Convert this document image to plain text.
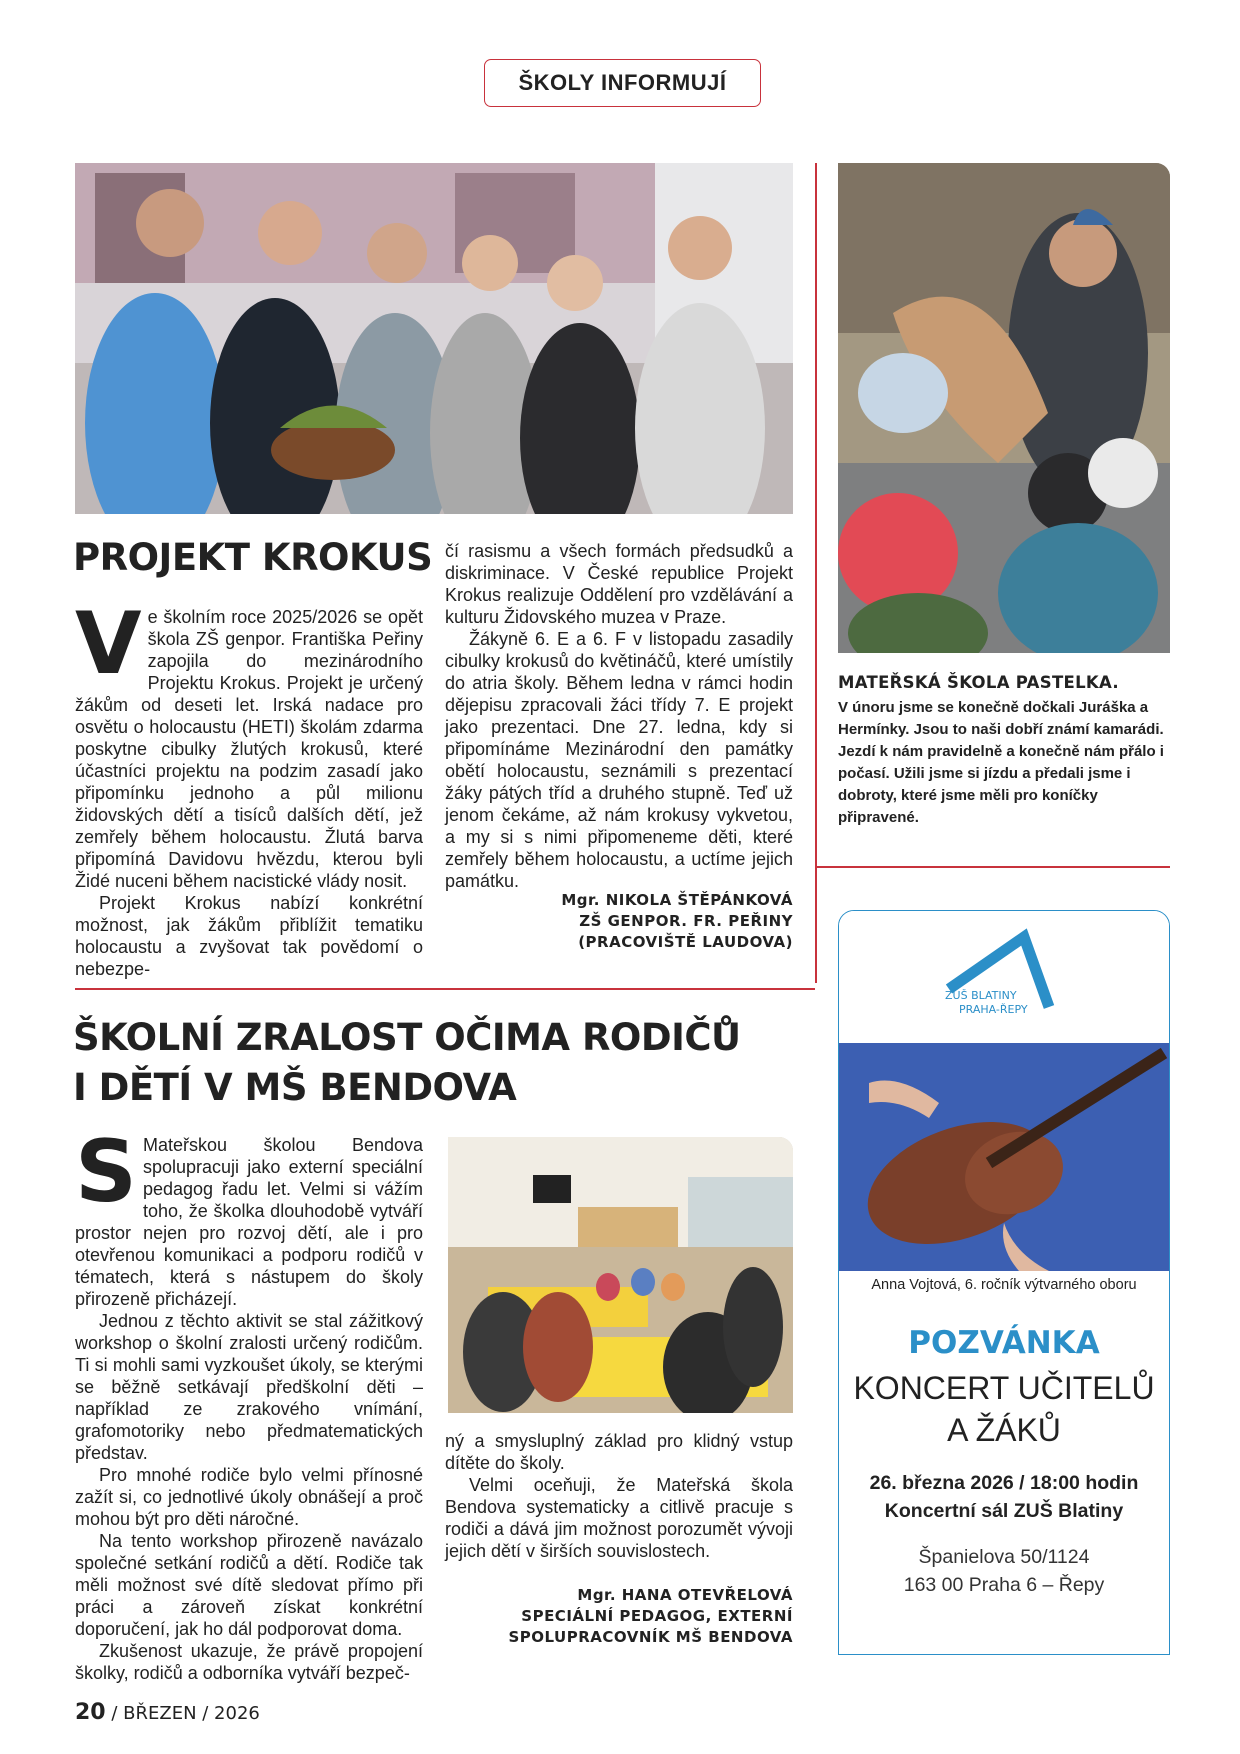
ŠKOLY INFORMUJÍ
PROJEKT KROKUS
V e školním roce 2025/2026 se opět škola ZŠ genpor. Františka Peřiny zapojila do mezinárodního Projektu Krokus. Projekt je určený žákům od deseti let. Irská nadace pro osvětu o holocaustu (HETI) školám zdarma poskytne cibulky žlutých krokusů, které účastníci projektu na podzim zasadí jako připomínku jednoho a půl milionu židovských dětí a tisíců dalších dětí, jež zemřely během holocaustu. Žlutá barva připomíná Davidovu hvězdu, kterou byli Židé nuceni během nacistické vlády nosit.

Projekt Krokus nabízí konkrétní možnost, jak žákům přiblížit tematiku holocaustu a zvyšovat tak povědomí o nebezpe-

čí rasismu a všech formách předsudků a diskriminace. V České republice Projekt Krokus realizuje Oddělení pro vzdělávání a kulturu Židovského muzea v Praze.

Žákyně 6. E a 6. F v listopadu zasadily cibulky krokusů do květináčů, které umístily do atria školy. Během ledna v rámci hodin dějepisu zpracovali žáci třídy 7. E projekt jako prezentaci. Dne 27. ledna, kdy si připomínáme Mezinárodní den památky obětí holocaustu, seznámili s prezentací žáky pátých tříd a druhého stupně. Teď už jenom čekáme, až nám krokusy vykvetou, a my si s nimi připomeneme děti, které zemřely během holocaustu, a uctíme jejich památku.

Mgr. NIKOLA ŠTĚPÁNKOVÁ
ZŠ GENPOR. FR. PEŘINY
(PRACOVIŠTĚ LAUDOVA)
MATEŘSKÁ ŠKOLA PASTELKA.
V únoru jsme se konečně dočkali Juráška a Hermínky. Jsou to naši dobří známí kamarádi. Jezdí k nám pravidelně a konečně nám přálo i počasí. Užili jsme si jízdu a předali jsme i dobroty, které jsme měli pro koníčky připravené.
ŠKOLNÍ ZRALOST OČIMA RODIČŮ
I DĚTÍ V MŠ BENDOVA
S Mateřskou školou Bendova spolupracuji jako externí speciální pedagog řadu let. Velmi si vážím toho, že školka dlouhodobě vytváří prostor nejen pro rozvoj dětí, ale i pro otevřenou komunikaci a podporu rodičů v tématech, která s nástupem do školy přirozeně přicházejí.

Jednou z těchto aktivit se stal zážitkový workshop o školní zralosti určený rodičům. Ti si mohli sami vyzkoušet úkoly, se kterými se běžně setkávají předškolní děti – například ze zrakového vnímání, grafomotoriky nebo předmatematických představ.

Pro mnohé rodiče bylo velmi přínosné zažít si, co jednotlivé úkoly obnášejí a proč mohou být pro děti náročné.

Na tento workshop přirozeně navázalo společné setkání rodičů a dětí. Rodiče tak měli možnost své dítě sledovat přímo při práci a zároveň získat konkrétní doporučení, jak ho dál podporovat doma.

Zkušenost ukazuje, že právě propojení školky, rodičů a odborníka vytváří bezpeč-

ný a smysluplný základ pro klidný vstup dítěte do školy.

Velmi oceňuji, že Mateřská škola Bendova systematicky a citlivě pracuje s rodiči a dává jim možnost porozumět vývoji jejich dětí v širších souvislostech.

Mgr. HANA OTEVŘELOVÁ
SPECIÁLNÍ PEDAGOG, EXTERNÍ
SPOLUPRACOVNÍK MŠ BENDOVA
ZUŠ BLATINY
PRAHA-ŘEPY
Anna Vojtová, 6. ročník výtvarného oboru
POZVÁNKA
KONCERT UČITELŮ
A ŽÁKŮ
26. března 2026 / 18:00 hodin
Koncertní sál ZUŠ Blatiny
Španielova 50/1124
163 00 Praha 6 – Řepy
20 / BŘEZEN / 2026
